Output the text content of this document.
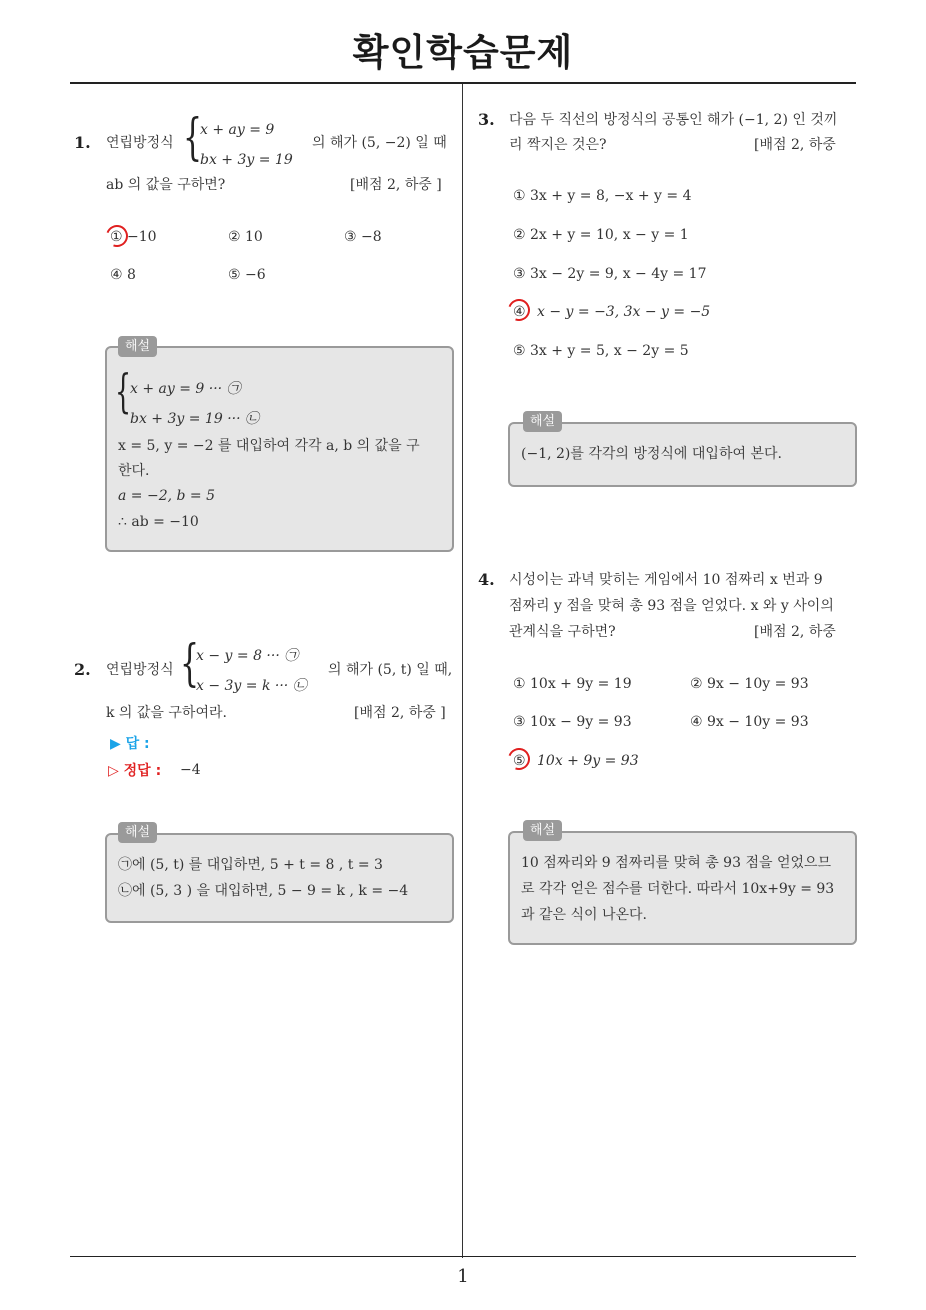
확인학습문제
1. 연립방정식 {
x + ay = 9
bx + 3y = 19
의 해가 (5, −2) 일 때
ab 의 값을 구하면?	[배점 2, 하중 ]
① −10	② 10	③ −8
④ 8	⑤ −6
해설
{
x + ay = 9 ··· ㉠
bx + 3y = 19 ··· ㉡
x = 5, y = −2 를 대입하여 각각 a, b 의 값을 구
한다.
a = −2, b = 5
∴ ab = −10
2. 연립방정식 {
x − y = 8 ··· ㉠
x − 3y = k ··· ㉡
의 해가 (5, t) 일 때,
k 의 값을 구하여라.	[배점 2, 하중 ]
▶ 답 :
▷ 정답 : −4
해설
㉠에 (5, t) 를 대입하면, 5 + t = 8 , t = 3
㉡에 (5, 3 ) 을 대입하면, 5 − 9 = k , k = −4
3. 다음 두 직선의 방정식의 공통인 해가 (−1, 2) 인 것끼
리 짝지은 것은?	[배점 2, 하중
① 3x + y = 8, −x + y = 4
② 2x + y = 10, x − y = 1
③ 3x − 2y = 9, x − 4y = 17
④ x − y = −3, 3x − y = −5
⑤ 3x + y = 5, x − 2y = 5
해설
(−1, 2)를 각각의 방정식에 대입하여 본다.
4. 시성이는 과녁 맞히는 게임에서 10 점짜리 x 번과 9
점짜리 y 점을 맞혀 총 93 점을 얻었다. x 와 y 사이의
관계식을 구하면?	[배점 2, 하중
① 10x + 9y = 19	② 9x − 10y = 93
③ 10x − 9y = 93	④ 9x − 10y = 93
⑤ 10x + 9y = 93
해설
10 점짜리와 9 점짜리를 맞혀 총 93 점을 얻었으므
로 각각 얻은 점수를 더한다. 따라서 10x+9y = 93
과 같은 식이 나온다.
1
